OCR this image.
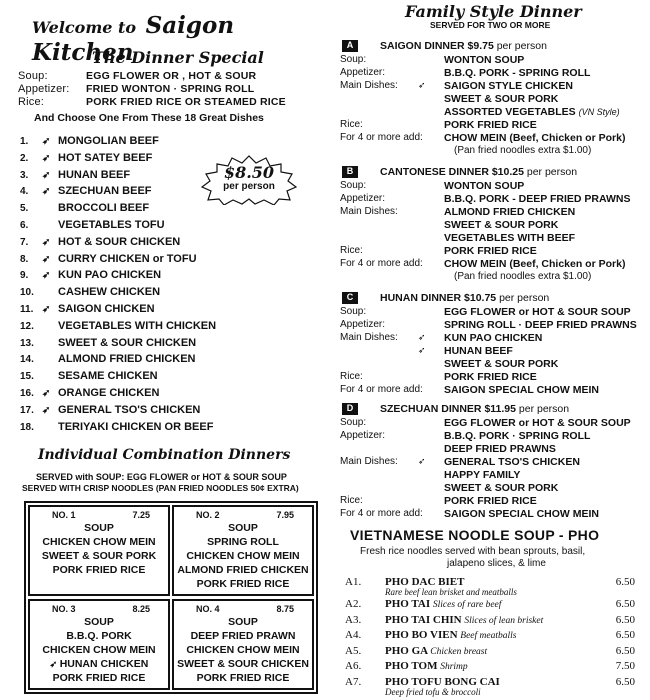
Welcome to Saigon Kitchen
The Dinner Special
Soup:	EGG FLOWER OR , HOT & SOUR
Appetizer: FRIED WONTON · SPRING ROLL
Rice:	PORK FRIED RICE OR STEAMED RICE
And Choose One From These 18 Great Dishes
1. ➶ MONGOLIAN BEEF
2. ➶ HOT SATEY BEEF
3. ➶ HUNAN BEEF
4. ➶ SZECHUAN BEEF
5.	BROCCOLI BEEF
6.	VEGETABLES TOFU
7. ➶ HOT & SOUR CHICKEN
8. ➶ CURRY CHICKEN or TOFU
9. ➶ KUN PAO CHICKEN
10. CASHEW CHICKEN
11. ➶ SAIGON CHICKEN
12. VEGETABLES WITH CHICKEN
13. SWEET & SOUR CHICKEN
14. ALMOND FRIED CHICKEN
15. SESAME CHICKEN
16. ➶ ORANGE CHICKEN
17. ➶ GENERAL TSO'S CHICKEN
18. TERIYAKI CHICKEN OR BEEF
$8.50
per person
Individual Combination Dinners
SERVED with SOUP: EGG FLOWER or HOT & SOUR SOUP
SERVED WITH CRISP NOODLES (PAN FRIED NOODLES 50¢ EXTRA)
NO. 1	7.25
SOUP
CHICKEN CHOW MEIN
SWEET & SOUR PORK
PORK FRIED RICE
NO. 2	7.95
SOUP
SPRING ROLL
CHICKEN CHOW MEIN
ALMOND FRIED CHICKEN
PORK FRIED RICE
NO. 3	8.25
SOUP
B.B.Q. PORK
CHICKEN CHOW MEIN
➶ HUNAN CHICKEN
PORK FRIED RICE
NO. 4	8.75
SOUP
DEEP FRIED PRAWN
CHICKEN CHOW MEIN
SWEET & SOUR CHICKEN
PORK FRIED RICE
Family Style Dinner
SERVED FOR TWO OR MORE
A	SAIGON DINNER $9.75 per person
Soup:	WONTON SOUP
Appetizer:	B.B.Q. PORK - SPRING ROLL
Main Dishes: ➶ SAIGON STYLE CHICKEN
SWEET & SOUR PORK
ASSORTED VEGETABLES (VN Style)
Rice:	PORK FRIED RICE
For 4 or more add: CHOW MEIN (Beef, Chicken or Pork)
(Pan fried noodles extra $1.00)
B	CANTONESE DINNER $10.25 per person
Soup:	WONTON SOUP
Appetizer:	B.B.Q. PORK - DEEP FRIED PRAWNS
Main Dishes:	ALMOND FRIED CHICKEN
SWEET & SOUR PORK
VEGETABLES WITH BEEF
Rice:	PORK FRIED RICE
For 4 or more add: CHOW MEIN (Beef, Chicken or Pork)
(Pan fried noodles extra $1.00)
C	HUNAN DINNER $10.75 per person
Soup:	EGG FLOWER or HOT & SOUR SOUP
Appetizer:	SPRING ROLL · DEEP FRIED PRAWNS
Main Dishes: ➶ KUN PAO CHICKEN
➶ HUNAN BEEF
SWEET & SOUR PORK
Rice:	PORK FRIED RICE
For 4 or more add: SAIGON SPECIAL CHOW MEIN
D	SZECHUAN DINNER $11.95 per person
Soup:	EGG FLOWER or HOT & SOUR SOUP
Appetizer:	B.B.Q. PORK · SPRING ROLL
DEEP FRIED PRAWNS
Main Dishes: ➶ GENERAL TSO'S CHICKEN
HAPPY FAMILY
SWEET & SOUR PORK
Rice:	PORK FRIED RICE
For 4 or more add: SAIGON SPECIAL CHOW MEIN
VIETNAMESE NOODLE SOUP - PHO
Fresh rice noodles served with bean sprouts, basil,
jalapeno slices, & lime
A1. PHO DAC BIET	6.50
Rare beef lean brisket and meatballs
A2. PHO TAI Slices of rare beef	6.50
A3. PHO TAI CHIN Slices of lean brisket	6.50
A4. PHO BO VIEN Beef meatballs	6.50
A5. PHO GA Chicken breast	6.50
A6. PHO TOM Shrimp	7.50
A7. PHO TOFU BONG CAI	6.50
Deep fried tofu & broccoli
